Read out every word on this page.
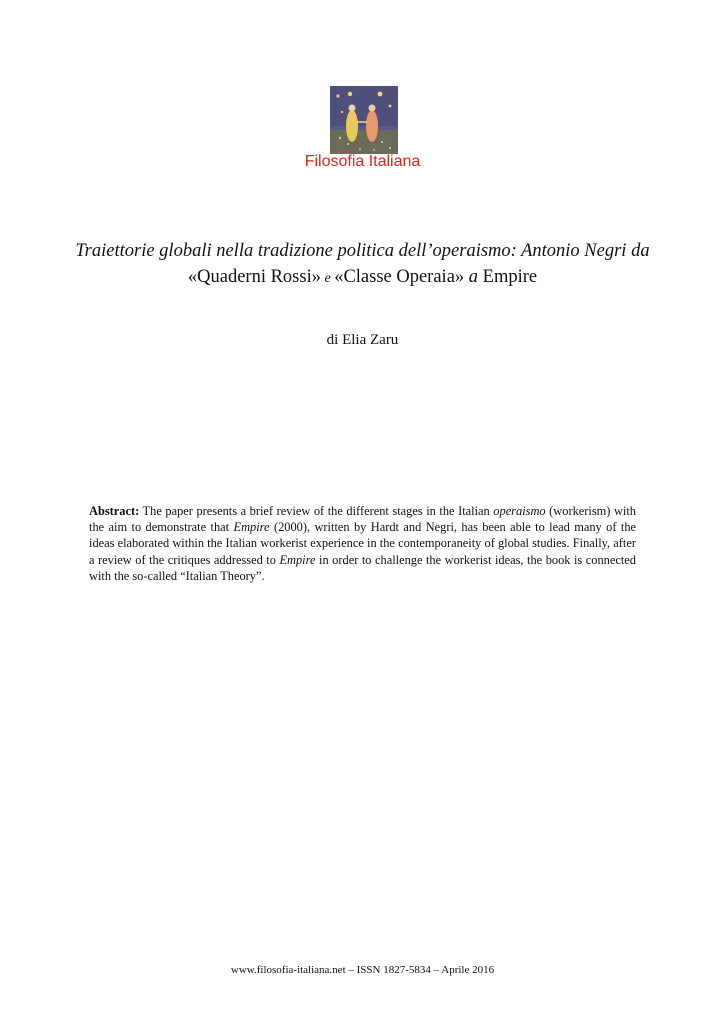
Filosofia Italiana
Traiettorie globali nella tradizione politica dell’operaismo: Antonio Negri da
«Quaderni Rossi» e «Classe Operaia» a Empire
di Elia Zaru
Abstract: The paper presents a brief review of the different stages in the Italian operaismo (workerism) with the aim to demonstrate that Empire (2000), written by Hardt and Negri, has been able to lead many of the ideas elaborated within the Italian workerist experience in the contemporaneity of global studies. Finally, after a review of the critiques addressed to Empire in order to challenge the workerist ideas, the book is connected with the so-called “Italian Theory”.
www.filosofia-italiana.net – ISSN 1827-5834 – Aprile 2016
